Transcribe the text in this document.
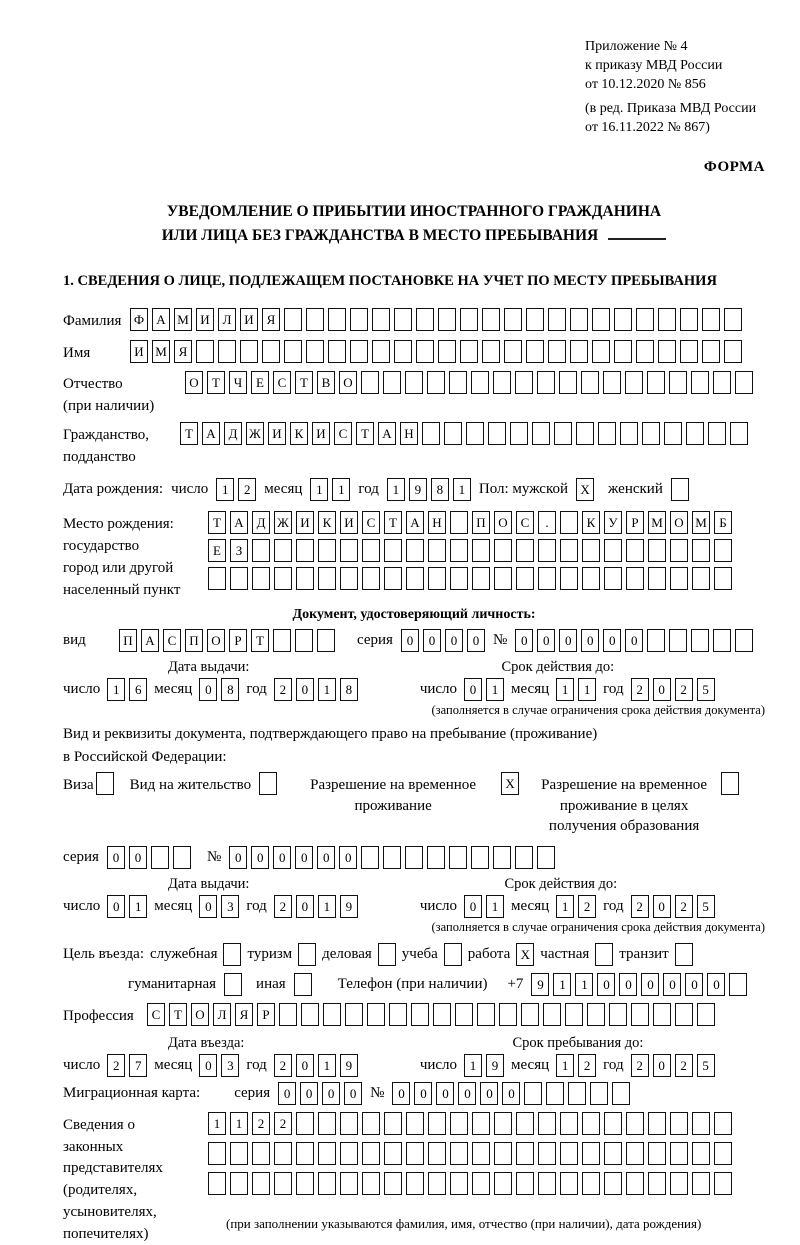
Приложение № 4
к приказу МВД России
от 10.12.2020 № 856
(в ред. Приказа МВД России
от 16.11.2022 № 867)
ФОРМА
УВЕДОМЛЕНИЕ О ПРИБЫТИИ ИНОСТРАННОГО ГРАЖДАНИНА
ИЛИ ЛИЦА БЕЗ ГРАЖДАНСТВА В МЕСТО ПРЕБЫВАНИЯ
1. СВЕДЕНИЯ О ЛИЦЕ, ПОДЛЕЖАЩЕМ ПОСТАНОВКЕ НА УЧЕТ ПО МЕСТУ ПРЕБЫВАНИЯ
Фамилия Ф А М И Л И Я
Имя	И М Я
Отчество
(при наличии)
О	Т	Ч	Е	С	Т	В О
Гражданство,
подданство
Т	А Д Ж И К И С	Т	А Н
Дата рождения: число	1	2 месяц	1	1 год	1	9	8	1 Пол: мужской X женский
Место рождения:
государство
город или другой
населенный пункт
Т	А Д Ж И К И С	Т	А Н	П О С	.	К	У	Р М О М Б
Е	З
Документ, удостоверяющий личность:
вид	П А С П О	Р	Т	серия	0	0	0	0 №	0	0	0	0	0	0
Дата выдачи:	Срок действия до:
число 1	6 месяц 0	8 год 2	0	1	8	число 0	1 месяц 1	1 год 2	0	2	5
(заполняется в случае ограничения срока действия документа)
Вид и реквизиты документа, подтверждающего право на пребывание (проживание)
в Российской Федерации:
Виза Вид на жительство	Разрешение на временное проживание
X	Разрешение на временное проживание в целях получения образования
серия	0	0	№	0	0	0	0	0	0
Дата выдачи:	Срок действия до:
число 0	1 месяц 0	3 год 2	0	1	9	число 0	1 месяц 1	2 год 2	0	2	5
(заполняется в случае ограничения срока действия документа)
Цель въезда: служебная туризм деловая учеба работа X частная транзит
гуманитарная	иная	Телефон (при наличии) +7	9	1	1	0	0	0	0	0	0
Профессия	С	Т	О Л	Я	Р
Дата въезда:	Срок пребывания до:
число 2	7 месяц 0	3 год 2	0	1	9	число 1	9 месяц 1	2 год 2	0	2	5
Миграционная карта: серия	0	0	0	0 №	0	0	0	0	0	0
Сведения о
законных
представителях
(родителях,
усыновителях,
попечителях)
1	1	2	2
(при заполнении указываются фамилия, имя, отчество (при наличии), дата рождения)
